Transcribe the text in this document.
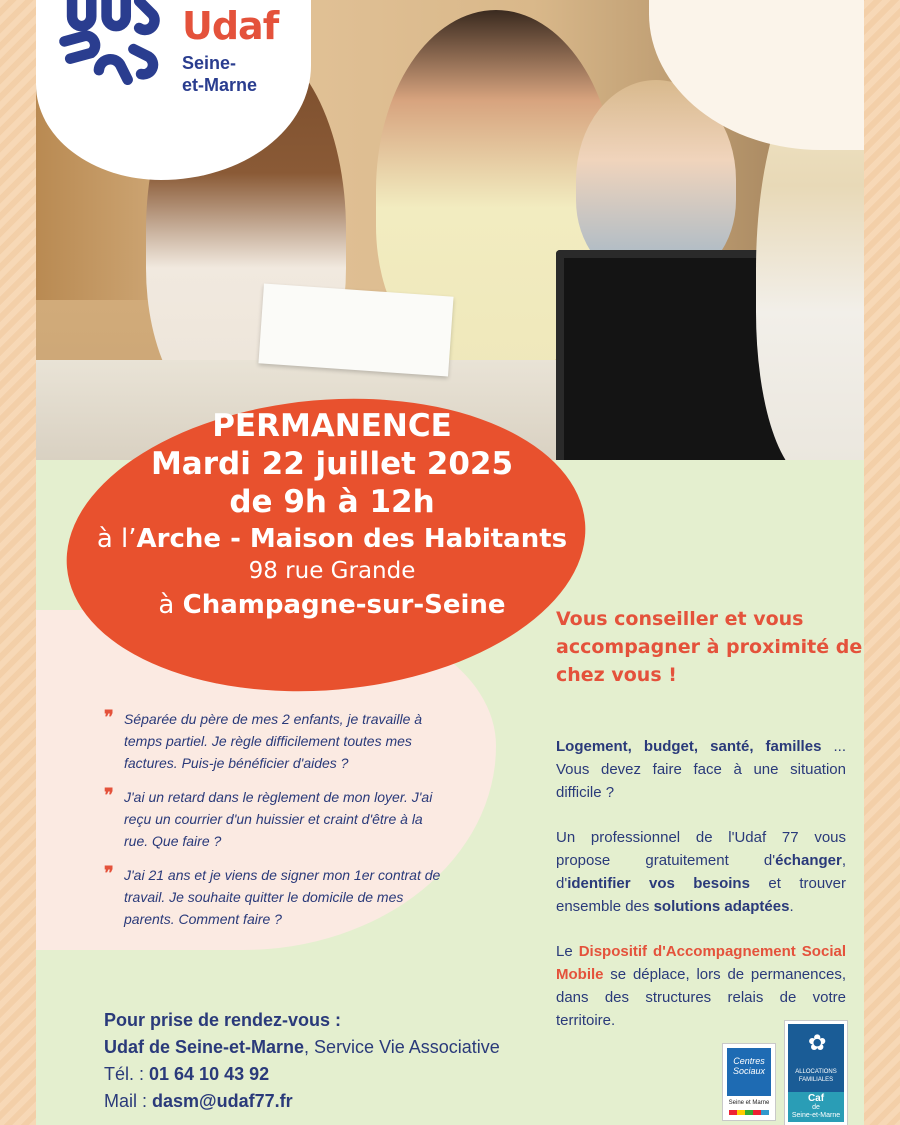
Udaf
Seine-
et-Marne
PERMANENCE
Mardi 22 juillet 2025
de 9h à 12h
à l’Arche - Maison des Habitants
98 rue Grande
à Champagne-sur-Seine	Vous conseiller et vous accompagner à proximité de chez vous !
❞ Séparée du père de mes 2 enfants, je travaille à temps partiel. Je règle difficilement toutes mes factures. Puis-je bénéficier d'aides ?
❞ J'ai un retard dans le règlement de mon loyer. J'ai reçu un courrier d'un huissier et craint d'être à la rue. Que faire ?
❞ J'ai 21 ans et je viens de signer mon 1er contrat de travail. Je souhaite quitter le domicile de mes parents. Comment faire ?

Logement, budget, santé, familles ... Vous devez faire face à une situation difficile ?

Un professionnel de l'Udaf 77 vous propose gratuitement d'échanger, d'identifier vos besoins et trouver ensemble des solutions adaptées.

Le Dispositif d'Accompagnement Social Mobile se déplace, lors de permanences, dans des structures relais de votre territoire.

Pour prise de rendez-vous :
Udaf de Seine-et-Marne, Service Vie Associative
Tél. : 01 64 10 43 92
Mail : dasm@udaf77.fr
Centres Sociaux
Seine et Marne
✿
ALLOCATIONS FAMILIALES
Caf
de
Seine-et-Marne
